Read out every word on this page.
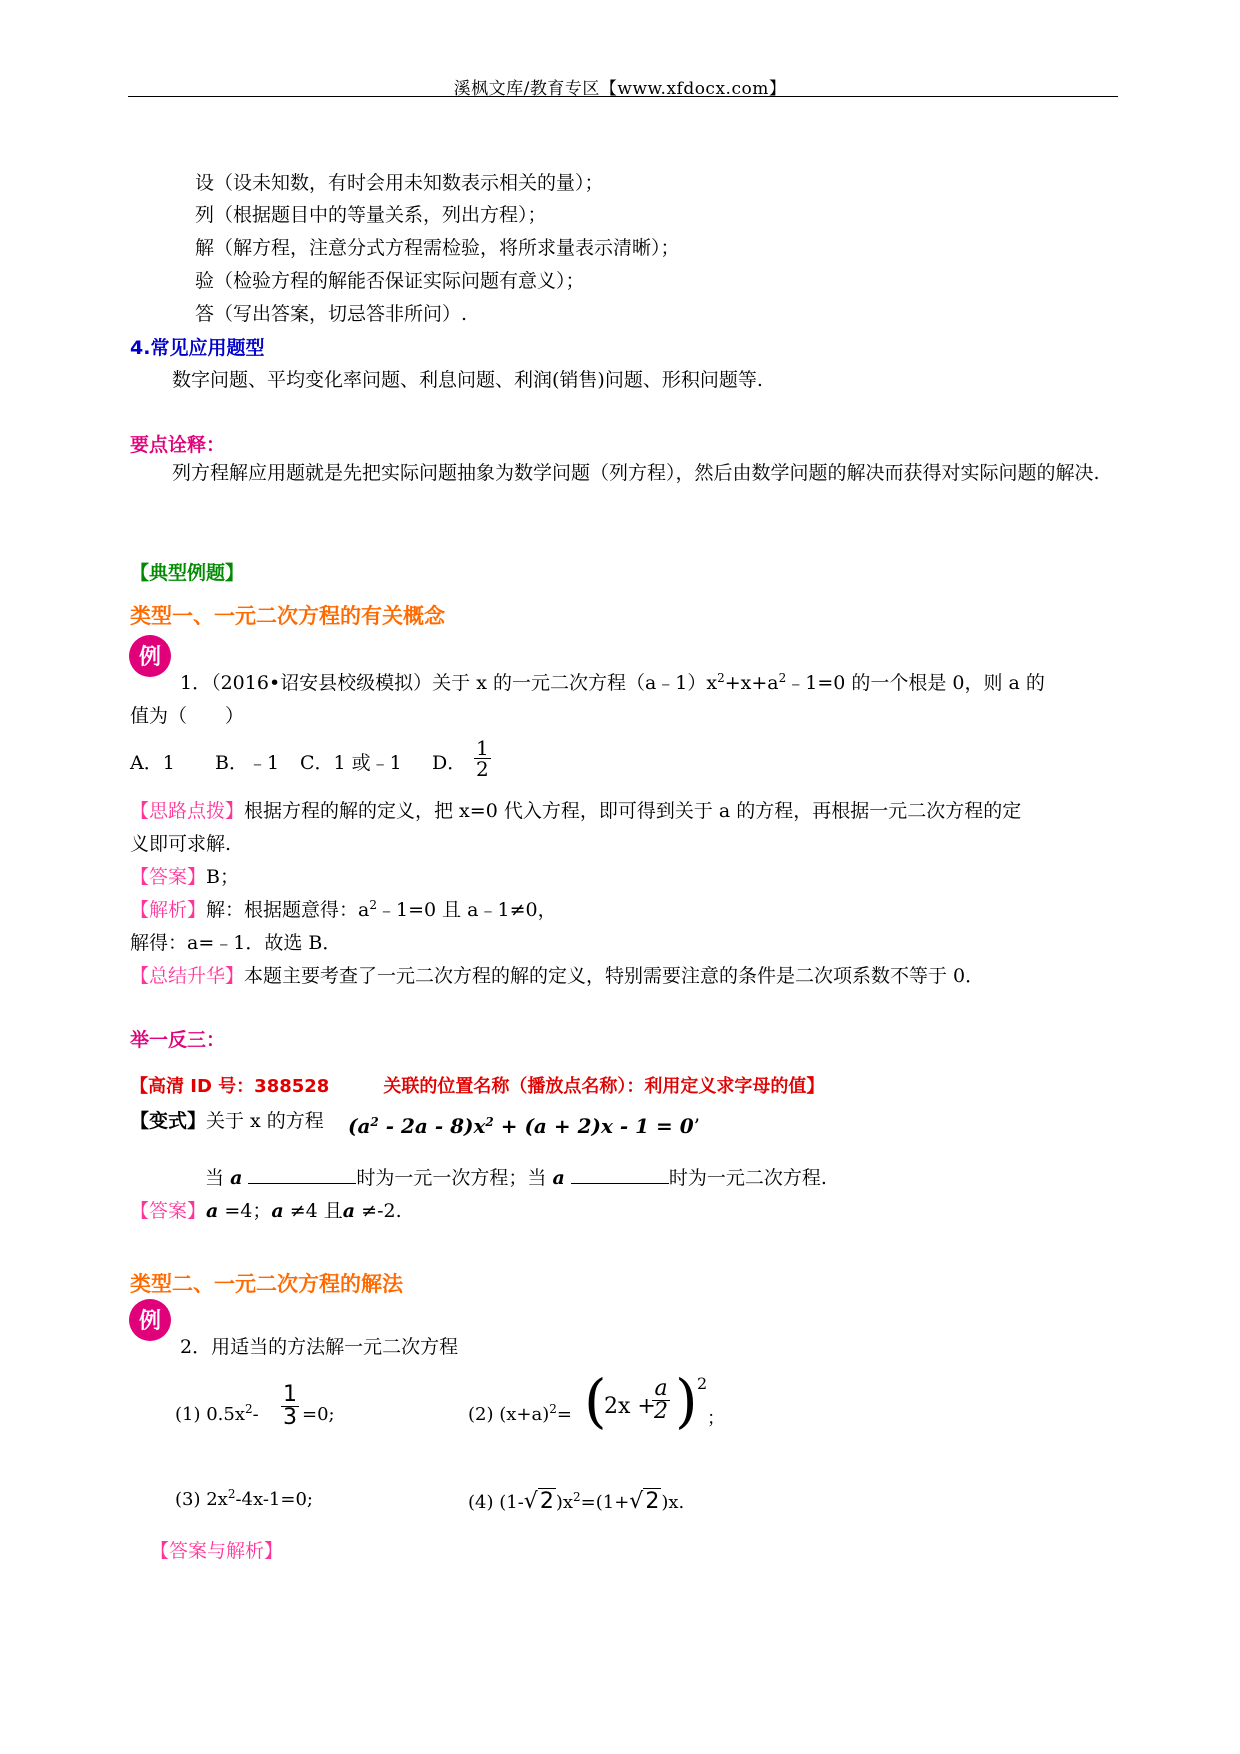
溪枫文库/教育专区【www.xfdocx.com】
设（设未知数，有时会用未知数表示相关的量）；
列（根据题目中的等量关系，列出方程）；
解（解方程，注意分式方程需检验，将所求量表示清晰）；
验（检验方程的解能否保证实际问题有意义）；
答（写出答案，切忌答非所问）.
4.常见应用题型
数字问题、平均变化率问题、利息问题、利润(销售)问题、形积问题等.
要点诠释：
列方程解应用题就是先把实际问题抽象为数学问题（列方程），然后由数学问题的解决而获得对实际问题的解决.
【典型例题】
类型一、一元二次方程的有关概念
例
1．（2016•诏安县校级模拟）关于 x 的一元二次方程$(a﹣1)x^2+x+a^2﹣1=0$ 的一个根是 0，则 a 的
值为（　　）
A．1 B．﹣1 C．1 或﹣1 D． $\frac{1}{2}$
【思路点拨】根据方程的解的定义，把 x=0 代入方程，即可得到关于 a 的方程，再根据一元二次方程的定
义即可求解.
【答案】B；
【解析】解：根据题意得：$a^2﹣1=0$ 且 a﹣1≠0，
解得：a=﹣1．故选 B．
【总结升华】本题主要考查了一元二次方程的解的定义，特别需要注意的条件是二次项系数不等于 0．
举一反三：
【高清 ID 号：388528　　　关联的位置名称（播放点名称）：利用定义求字母的值】
【变式】关于 x 的方程 $(a^2 - 2a - 8)x^2 + (a + 2)x - 1 = 0$’
当 a	时为一元一次方程；当 a	时为一元二次方程.
【答案】a =4；a ≠4 且a ≠-2.
类型二、一元二次方程的解法
例
2．用适当的方法解一元二次方程
(1) $0.5x^2- \frac{1}{3} =0$;	(2) $(x+a)^2=$ (
2x +
$\frac{a}{2}$ ) 2
；
(3) $2x^2-4x-1=0$;	(4) (1-√2 )$x^2=(1+√2$ )x.
【答案与解析】
